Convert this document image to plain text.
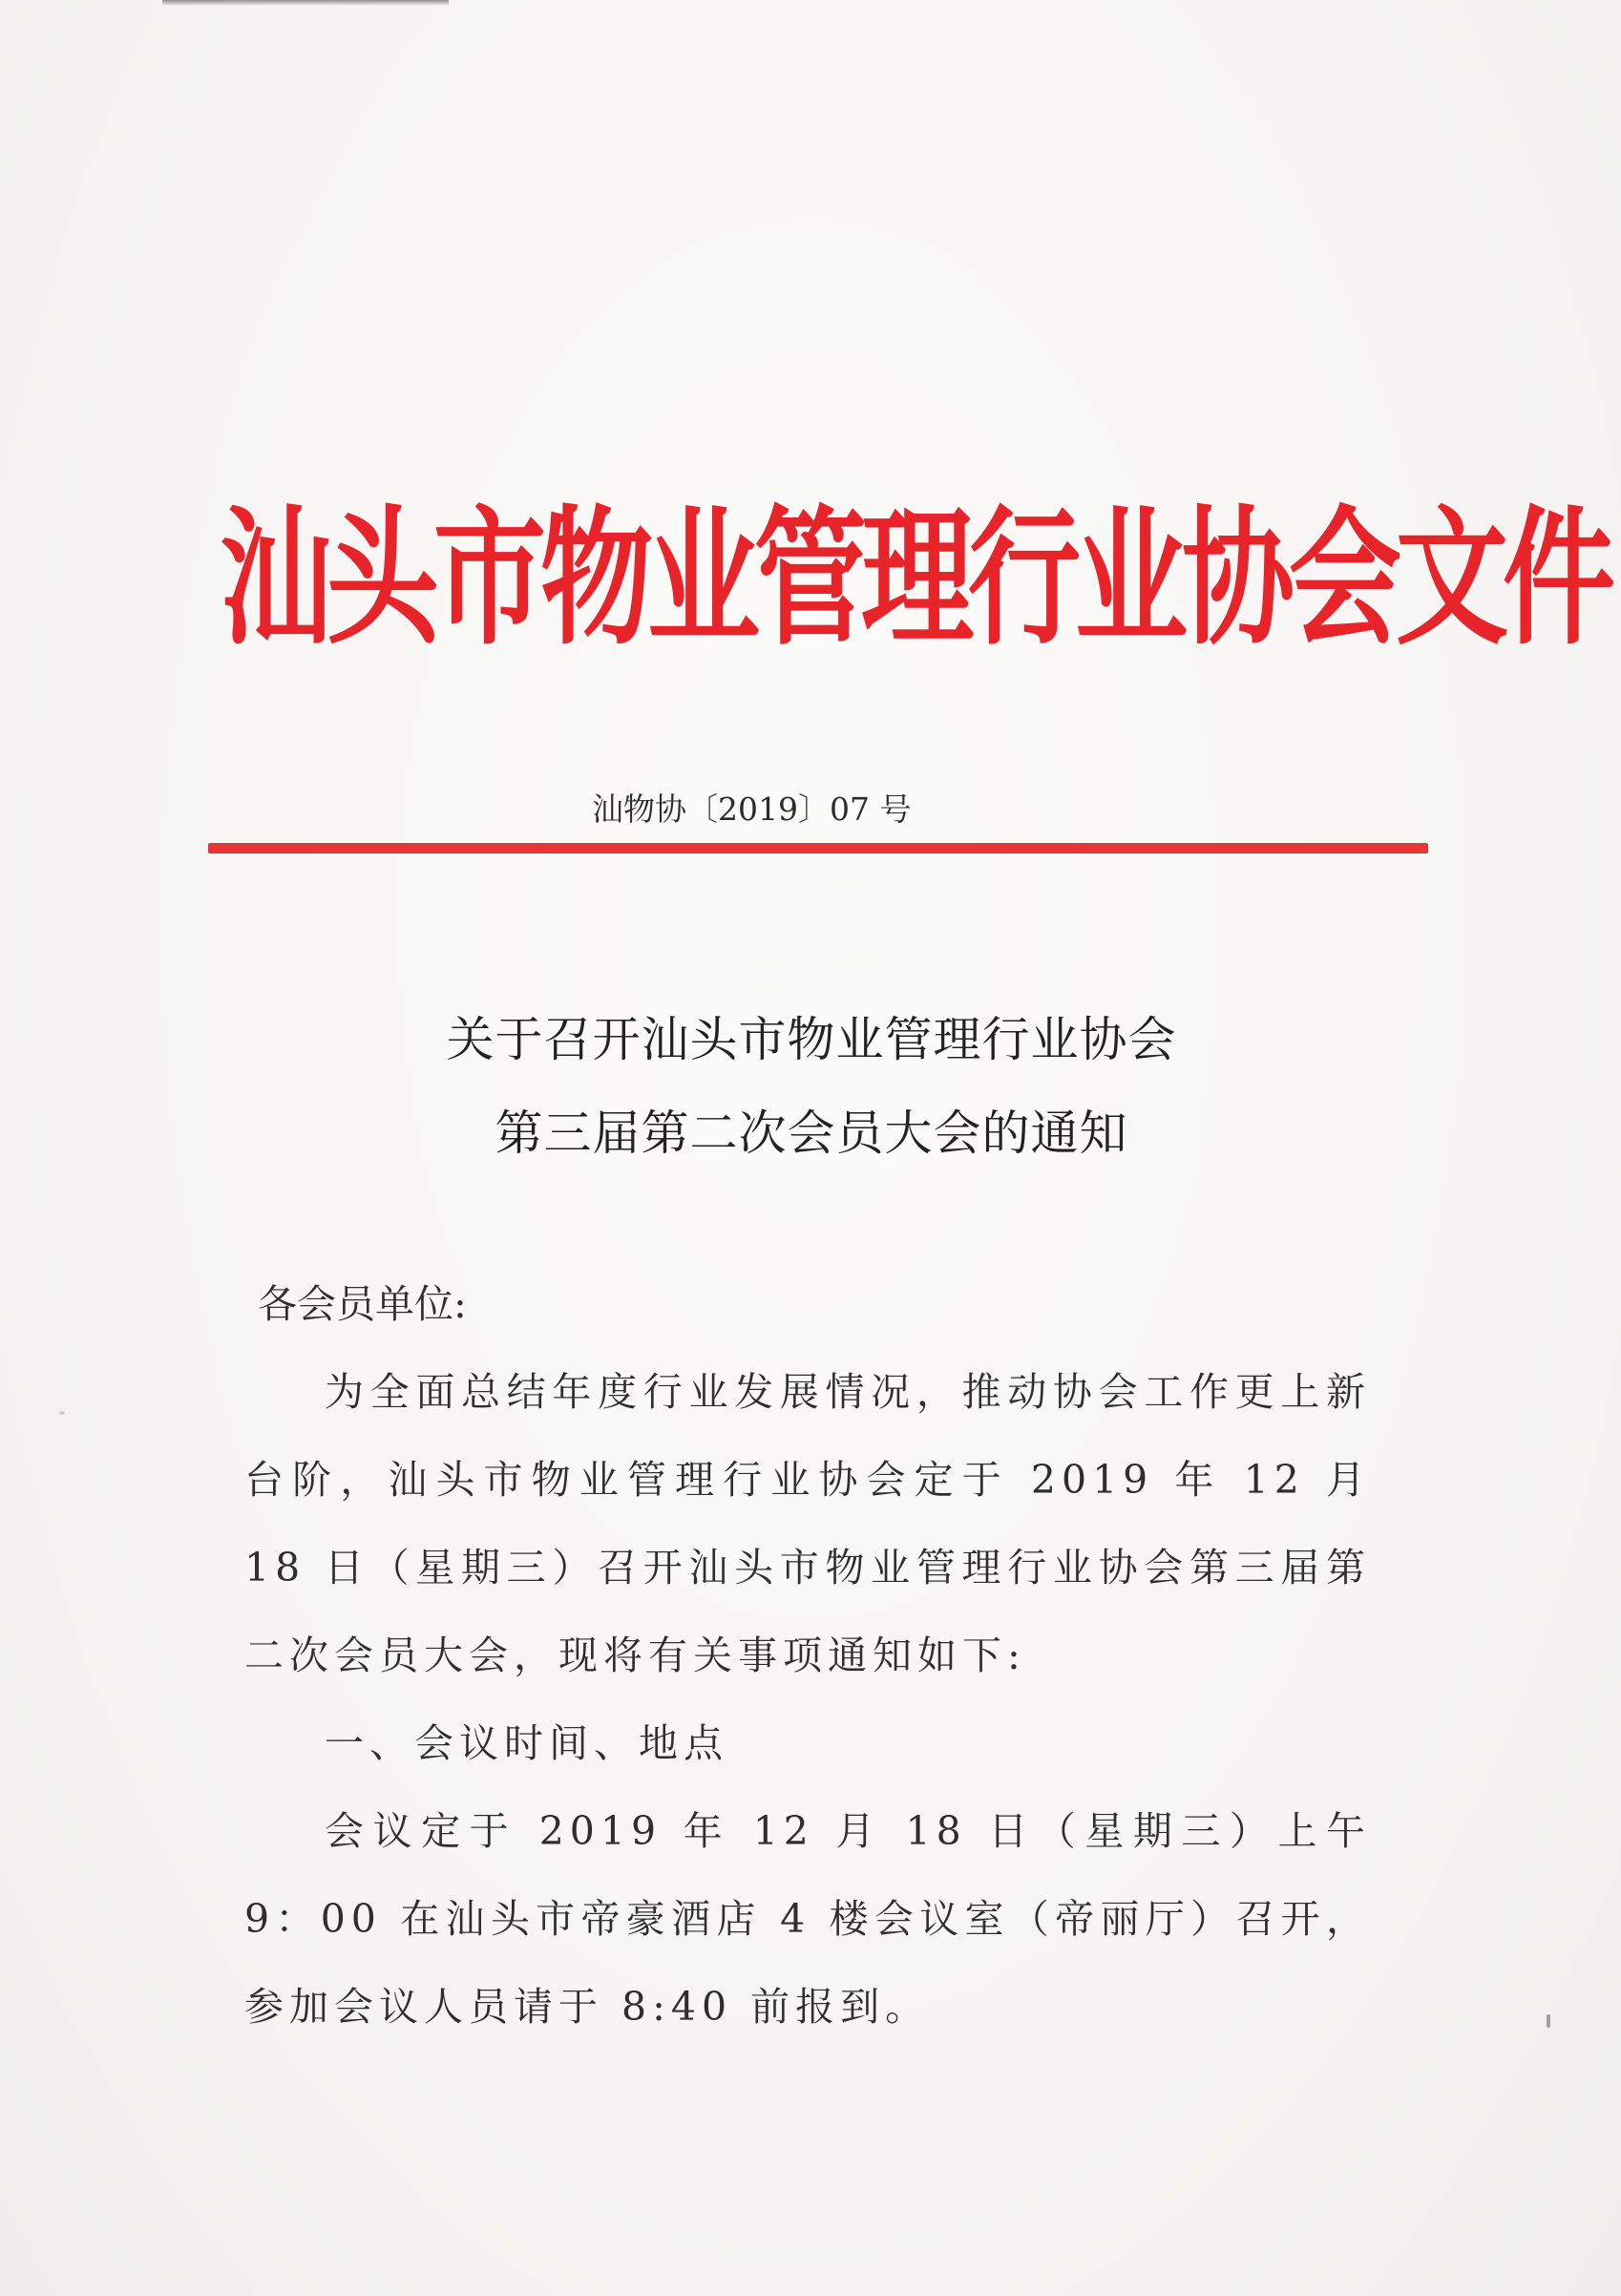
汕头市物业管理行业协会文件

汕物协〔2019〕07 号

关于召开汕头市物业管理行业协会
第三届第二次会员大会的通知

各会员单位:

为全面总结年度行业发展情况，推动协会工作更上新台阶，汕头市物业管理行业协会定于 2019 年 12 月 18 日（星期三）召开汕头市物业管理行业协会第三届第二次会员大会，现将有关事项通知如下:

一、会议时间、地点

会议定于 2019 年 12 月 18 日（星期三）上午 9：00 在汕头市帝豪酒店 4 楼会议室（帝丽厅）召开，参加会议人员请于 8:40 前报到。
